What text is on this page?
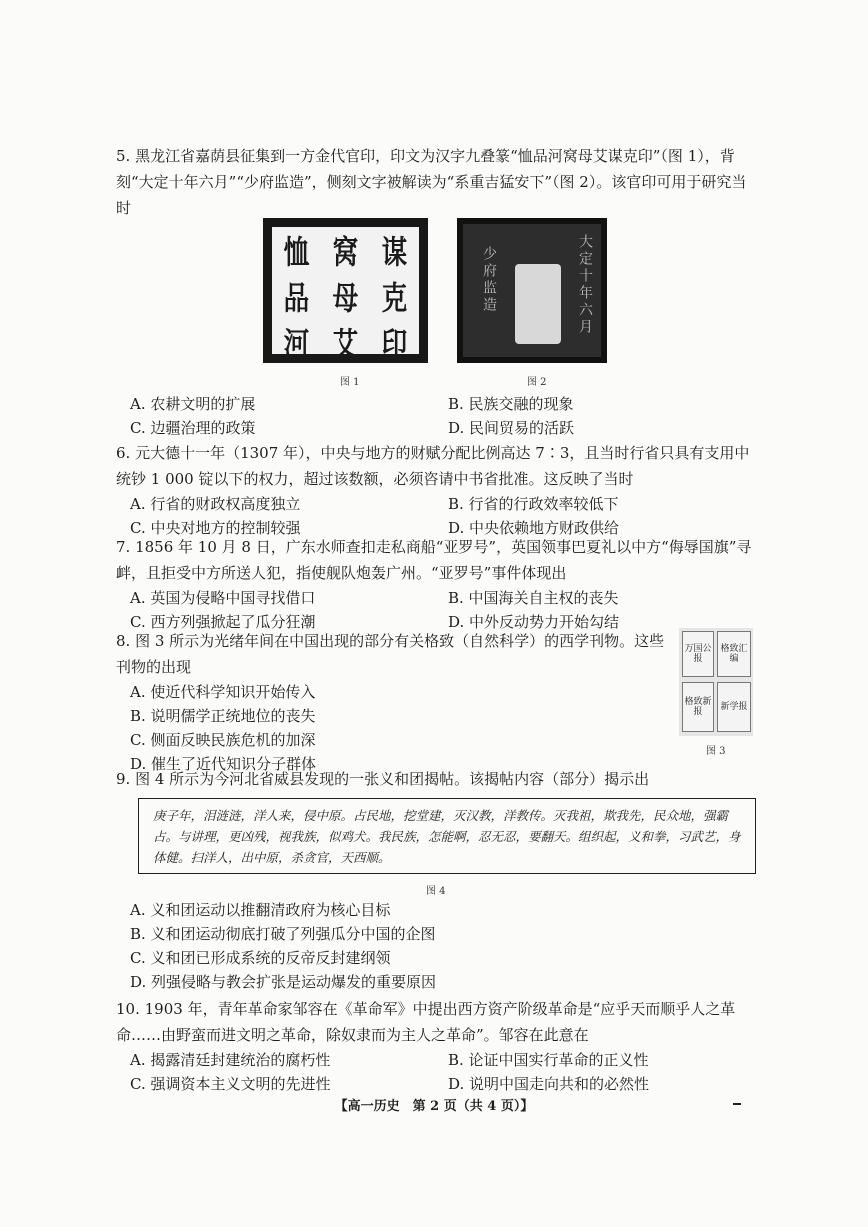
5. 黑龙江省嘉荫县征集到一方金代官印，印文为汉字九叠篆“恤品河窝母艾谋克印”（图 1），背刻“大定十年六月”“少府监造”，侧刻文字被解读为“系重吉猛安下”（图 2）。该官印可用于研究当时
恤 窝 谋
品 母 克
河 艾 印
图 1
大定十年六月
少府监造
图 2
A. 农耕文明的扩展	B. 民族交融的现象
C. 边疆治理的政策	D. 民间贸易的活跃
6. 元大德十一年（1307 年），中央与地方的财赋分配比例高达 7∶3，且当时行省只具有支用中统钞 1 000 锭以下的权力，超过该数额，必须咨请中书省批准。这反映了当时
A. 行省的财政权高度独立	B. 行省的行政效率较低下
C. 中央对地方的控制较强	D. 中央依赖地方财政供给
7. 1856 年 10 月 8 日，广东水师查扣走私商船“亚罗号”，英国领事巴夏礼以中方“侮辱国旗”寻衅，且拒受中方所送人犯，指使舰队炮轰广州。“亚罗号”事件体现出
A. 英国为侵略中国寻找借口	B. 中国海关自主权的丧失
C. 西方列强掀起了瓜分狂潮	D. 中外反动势力开始勾结
8. 图 3 所示为光绪年间在中国出现的部分有关格致（自然科学）的西学刊物。这些刊物的出现
A. 使近代科学知识开始传入
B. 说明儒学正统地位的丧失
C. 侧面反映民族危机的加深
D. 催生了近代知识分子群体
万国公报
格致汇编
格致新报	新学报
图 3
9. 图 4 所示为今河北省威县发现的一张义和团揭帖。该揭帖内容（部分）揭示出
庚子年，泪涟涟，洋人来，侵中原。占民地，挖堂建，灭汉教，洋教传。灭我祖，欺我先，民众地，强霸占。与讲理，更凶残，视我族，似鸡犬。我民族，怎能啊，忍无忍，要翻天。组织起，义和拳，习武艺，身体健。扫洋人，出中原，杀贪官，天西顺。
图 4
A. 义和团运动以推翻清政府为核心目标
B. 义和团运动彻底打破了列强瓜分中国的企图
C. 义和团已形成系统的反帝反封建纲领
D. 列强侵略与教会扩张是运动爆发的重要原因
10. 1903 年，青年革命家邹容在《革命军》中提出西方资产阶级革命是“应乎天而顺乎人之革命……由野蛮而进文明之革命，除奴隶而为主人之革命”。邹容在此意在
A. 揭露清廷封建统治的腐朽性	B. 论证中国实行革命的正义性
C. 强调资本主义文明的先进性	D. 说明中国走向共和的必然性
【高一历史　第 2 页（共 4 页）】
